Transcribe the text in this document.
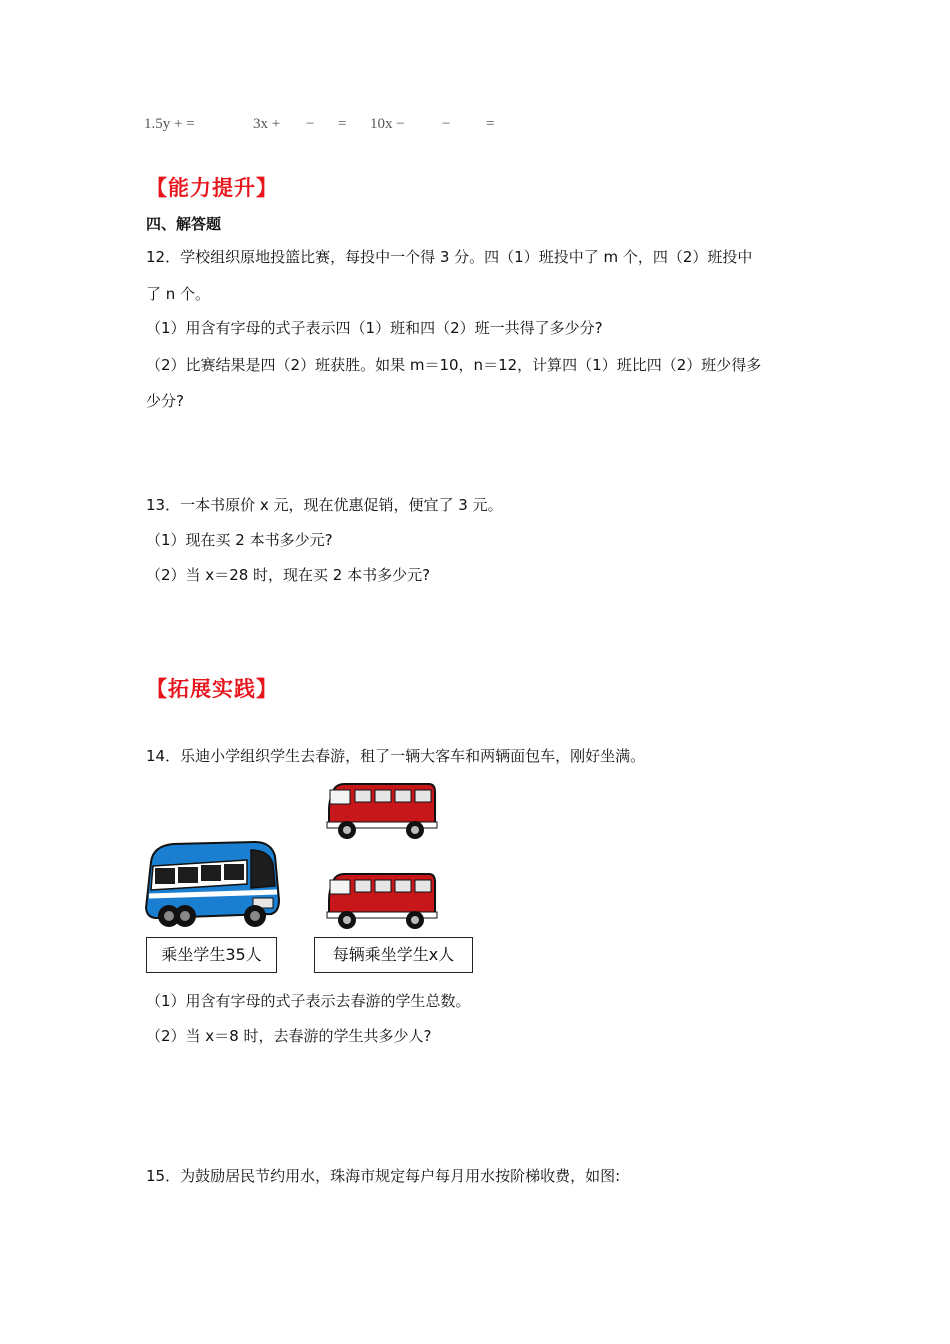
1.5y + =	3x + − = 10x − − =
【能力提升】
四、解答题
12．学校组织原地投篮比赛，每投中一个得 3 分。四（1）班投中了 m 个，四（2）班投中
了 n 个。
（1）用含有字母的式子表示四（1）班和四（2）班一共得了多少分?
（2）比赛结果是四（2）班获胜。如果 m＝10，n＝12，计算四（1）班比四（2）班少得多
少分?
13．一本书原价 x 元，现在优惠促销，便宜了 3 元。
（1）现在买 2 本书多少元?
（2）当 x＝28 时，现在买 2 本书多少元?
【拓展实践】
14．乐迪小学组织学生去春游，租了一辆大客车和两辆面包车，刚好坐满。
乘坐学生35人	每辆乘坐学生x人
（1）用含有字母的式子表示去春游的学生总数。
（2）当 x＝8 时，去春游的学生共多少人?
15．为鼓励居民节约用水，珠海市规定每户每月用水按阶梯收费，如图:
